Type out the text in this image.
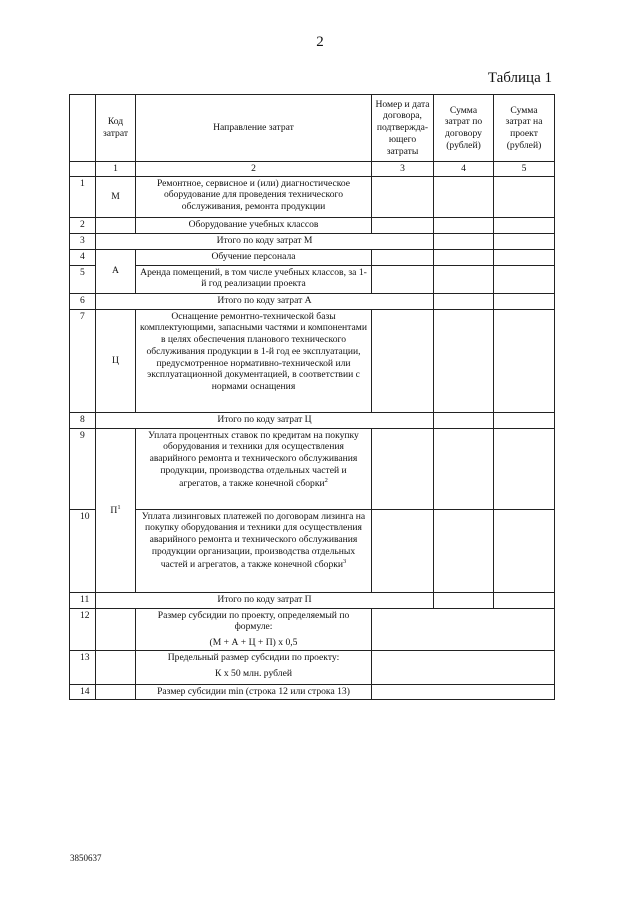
2
Таблица 1
	Код затрат	Направление затрат	Номер и дата договора, подтвержда-ющего затраты	Сумма затрат по договору (рублей)	Сумма затрат на проект (рублей)
	1	2	3	4	5
1	М	Ремонтное, сервисное и (или) диагностическое оборудование для проведения технического обслуживания, ремонта продукции			
2		Оборудование учебных классов			
3	Итого по коду затрат М				
4	А	Обучение персонала			
5		Аренда помещений, в том числе учебных классов, за 1-й год реализации проекта			
6	Итого по коду затрат А				
7	Ц	Оснащение ремонтно-технической базы комплектующими, запасными частями и компонентами в целях обеспечения планового технического обслуживания продукции в 1-й год ее эксплуатации, предусмотренное нормативно-технической или эксплуатационной документацией, в соответствии с нормами оснащения			
8	Итого по коду затрат Ц				
9	$П^1$	Уплата процентных ставок по кредитам на покупку оборудования и техники для осуществления аварийного ремонта и технического обслуживания продукции, производства отдельных частей и агрегатов, а также конечной сборки$^2$			
10		Уплата лизинговых платежей по договорам лизинга на покупку оборудования и техники для осуществления аварийного ремонта и технического обслуживания продукции организации, производства отдельных частей и агрегатов, а также конечной сборки$^3$			
11	Итого по коду затрат П				
12		Размер субсидии по проекту, определяемый по формуле:
(М + А + Ц + П) х 0,5			

13		Предельный размер субсидии по проекту:
К х 50 млн. рублей			

14		Размер субсидии min (строка 12 или строка 13)			
3850637
